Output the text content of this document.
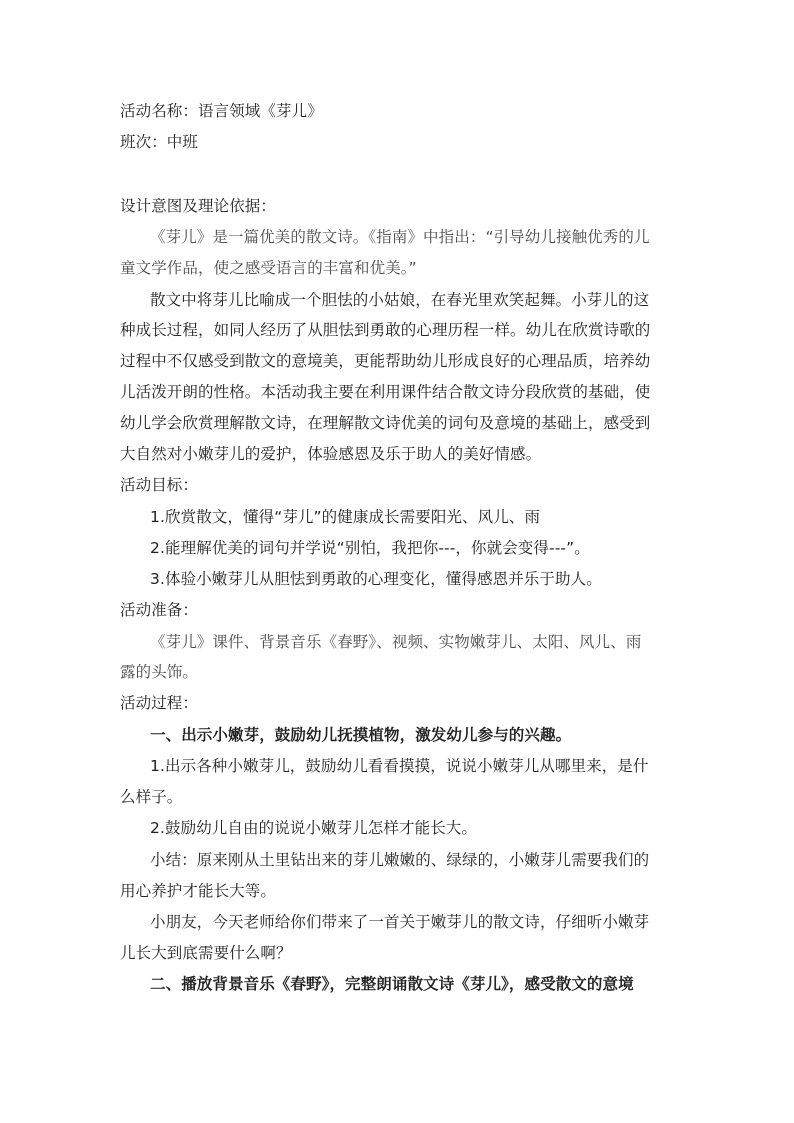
活动名称：语言领域《芽儿》
班次：中班
设计意图及理论依据：
《芽儿》是一篇优美的散文诗。《指南》中指出：“引导幼儿接触优秀的儿
童文学作品，使之感受语言的丰富和优美。”
散文中将芽儿比喻成一个胆怯的小姑娘，在春光里欢笑起舞。小芽儿的这
种成长过程，如同人经历了从胆怯到勇敢的心理历程一样。幼儿在欣赏诗歌的
过程中不仅感受到散文的意境美，更能帮助幼儿形成良好的心理品质，培养幼
儿活泼开朗的性格。本活动我主要在利用课件结合散文诗分段欣赏的基础，使
幼儿学会欣赏理解散文诗，在理解散文诗优美的词句及意境的基础上，感受到
大自然对小嫩芽儿的爱护，体验感恩及乐于助人的美好情感。
活动目标：
1.欣赏散文，懂得“芽儿”的健康成长需要阳光、风儿、雨
2.能理解优美的词句并学说“别怕，我把你---，你就会变得---”。
3.体验小嫩芽儿从胆怯到勇敢的心理变化，懂得感恩并乐于助人。
活动准备：
《芽儿》课件、背景音乐《春野》、视频、实物嫩芽儿、太阳、风儿、雨
露的头饰。
活动过程：
一、出示小嫩芽，鼓励幼儿抚摸植物，激发幼儿参与的兴趣。
1.出示各种小嫩芽儿，鼓励幼儿看看摸摸，说说小嫩芽儿从哪里来，是什
么样子。
2.鼓励幼儿自由的说说小嫩芽儿怎样才能长大。
小结：原来刚从土里钻出来的芽儿嫩嫩的、绿绿的，小嫩芽儿需要我们的
用心养护才能长大等。
小朋友，今天老师给你们带来了一首关于嫩芽儿的散文诗，仔细听小嫩芽
儿长大到底需要什么啊？
二、播放背景音乐《春野》，完整朗诵散文诗《芽儿》，感受散文的意境
